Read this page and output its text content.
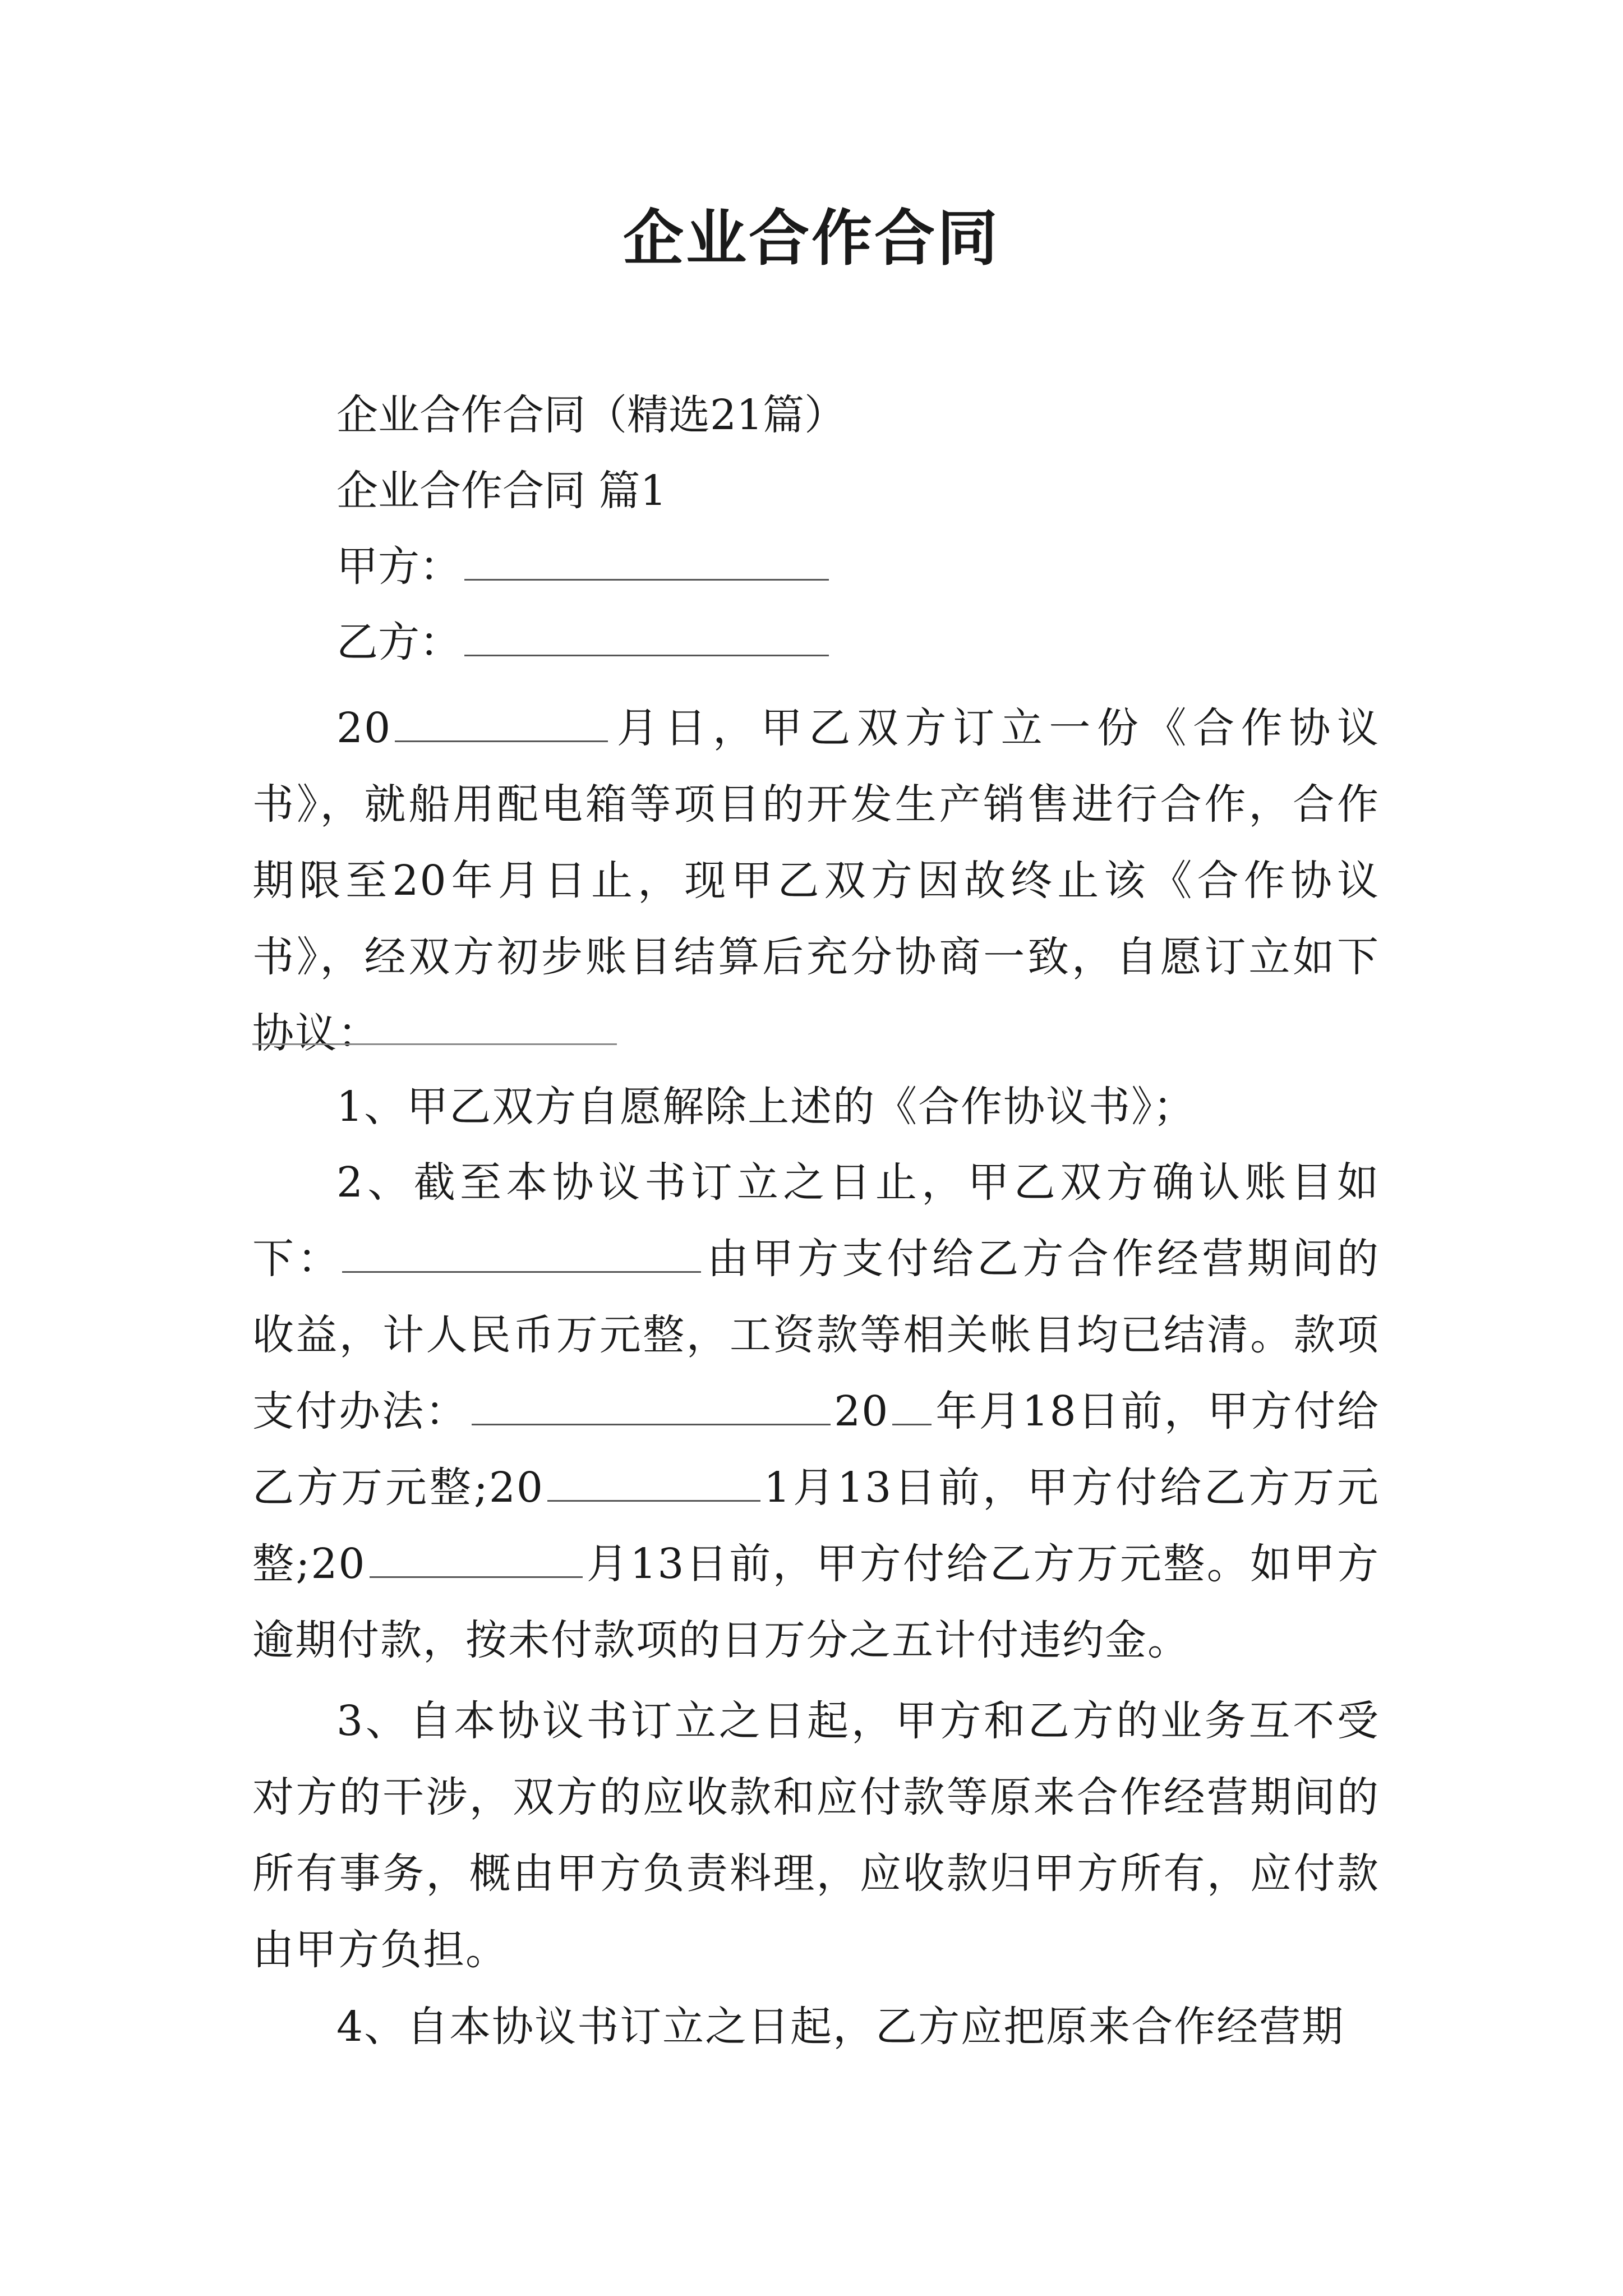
企业合作合同
企业合作合同（精选21篇）
企业合作合同 篇1
甲方：
乙方：
20	月日，甲乙双方订立一份《合作协议书》，就船用配电箱等项目的开发生产销售进行合作，合作期限至20年月日止，现甲乙双方因故终止该《合作协议书》，经双方初步账目结算后充分协商一致，自愿订立如下协议：
1、甲乙双方自愿解除上述的《合作协议书》；
2、截至本协议书订立之日止，甲乙双方确认账目如下：	由甲方支付给乙方合作经营期间的收益，计人民币万元整，工资款等相关帐目均已结清。款项支付办法：	20 年月18日前，甲方付给乙方万元整;20	1月13日前，甲方付给乙方万元整;20	月13日前，甲方付给乙方万元整。如甲方逾期付款，按未付款项的日万分之五计付违约金。
3、自本协议书订立之日起，甲方和乙方的业务互不受对方的干涉，双方的应收款和应付款等原来合作经营期间的所有事务，概由甲方负责料理，应收款归甲方所有，应付款由甲方负担。
4、自本协议书订立之日起，乙方应把原来合作经营期
